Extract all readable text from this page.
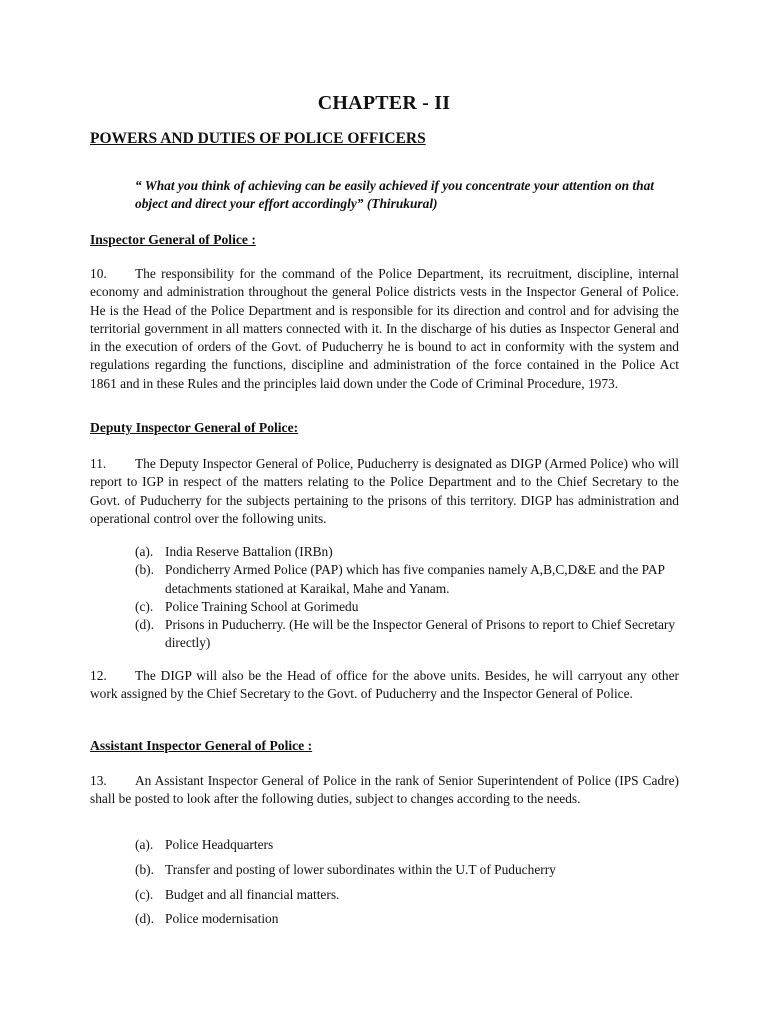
CHAPTER - II
POWERS AND DUTIES OF POLICE OFFICERS
“ What you think of achieving can be easily achieved if you concentrate your attention on that object and direct your effort accordingly” (Thirukural)
Inspector General of Police :
10. The responsibility for the command of the Police Department, its recruitment, discipline, internal economy and administration throughout the general Police districts vests in the Inspector General of Police. He is the Head of the Police Department and is responsible for its direction and control and for advising the territorial government in all matters connected with it. In the discharge of his duties as Inspector General and in the execution of orders of the Govt. of Puducherry he is bound to act in conformity with the system and regulations regarding the functions, discipline and administration of the force contained in the Police Act 1861 and in these Rules and the principles laid down under the Code of Criminal Procedure, 1973.
Deputy Inspector General of Police:
11. The Deputy Inspector General of Police, Puducherry is designated as DIGP (Armed Police) who will report to IGP in respect of the matters relating to the Police Department and to the Chief Secretary to the Govt. of Puducherry for the subjects pertaining to the prisons of this territory. DIGP has administration and operational control over the following units.
(a). India Reserve Battalion (IRBn)
(b). Pondicherry Armed Police (PAP) which has five companies namely A,B,C,D&E and the PAP detachments stationed at Karaikal, Mahe and Yanam.
(c). Police Training School at Gorimedu
(d). Prisons in Puducherry. (He will be the Inspector General of Prisons to report to Chief Secretary directly)
12. The DIGP will also be the Head of office for the above units. Besides, he will carryout any other work assigned by the Chief Secretary to the Govt. of Puducherry and the Inspector General of Police.
Assistant Inspector General of Police :
13. An Assistant Inspector General of Police in the rank of Senior Superintendent of Police (IPS Cadre) shall be posted to look after the following duties, subject to changes according to the needs.
(a). Police Headquarters
(b). Transfer and posting of lower subordinates within the U.T of Puducherry
(c). Budget and all financial matters.
(d). Police modernisation
